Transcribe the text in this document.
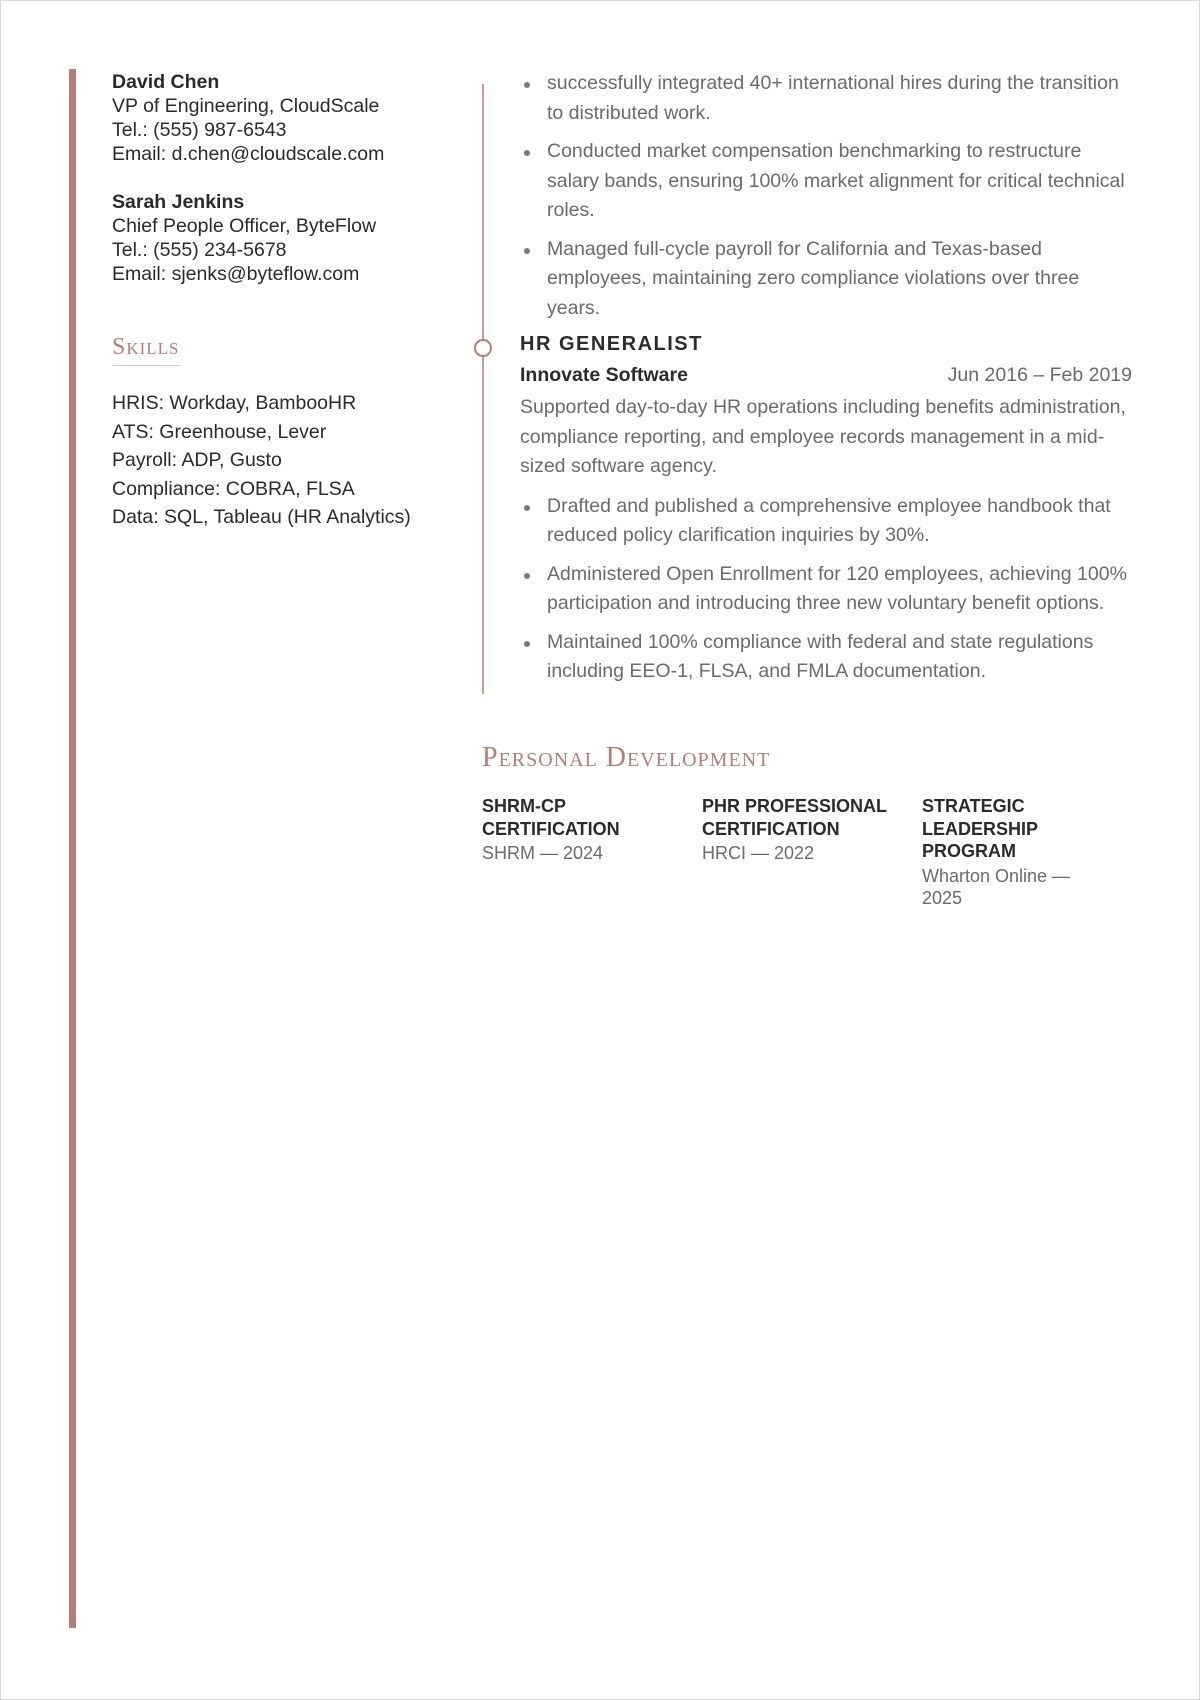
David Chen
VP of Engineering, CloudScale
Tel.: (555) 987-6543
Email: d.chen@cloudscale.com
Sarah Jenkins
Chief People Officer, ByteFlow
Tel.: (555) 234-5678
Email: sjenks@byteflow.com
Skills
HRIS: Workday, BambooHR
ATS: Greenhouse, Lever
Payroll: ADP, Gusto
Compliance: COBRA, FLSA
Data: SQL, Tableau (HR Analytics)
successfully integrated 40+ international hires during the transition to distributed work.
Conducted market compensation benchmarking to restructure salary bands, ensuring 100% market alignment for critical technical roles.
Managed full-cycle payroll for California and Texas-based employees, maintaining zero compliance violations over three years.
HR GENERALIST
Innovate Software	Jun 2016 – Feb 2019
Supported day-to-day HR operations including benefits administration, compliance reporting, and employee records management in a mid-sized software agency.
Drafted and published a comprehensive employee handbook that reduced policy clarification inquiries by 30%.
Administered Open Enrollment for 120 employees, achieving 100% participation and introducing three new voluntary benefit options.
Maintained 100% compliance with federal and state regulations including EEO-1, FLSA, and FMLA documentation.
Personal Development
SHRM-CP CERTIFICATION
SHRM — 2024
PHR PROFESSIONAL CERTIFICATION
HRCI — 2022
STRATEGIC LEADERSHIP PROGRAM
Wharton Online — 2025
